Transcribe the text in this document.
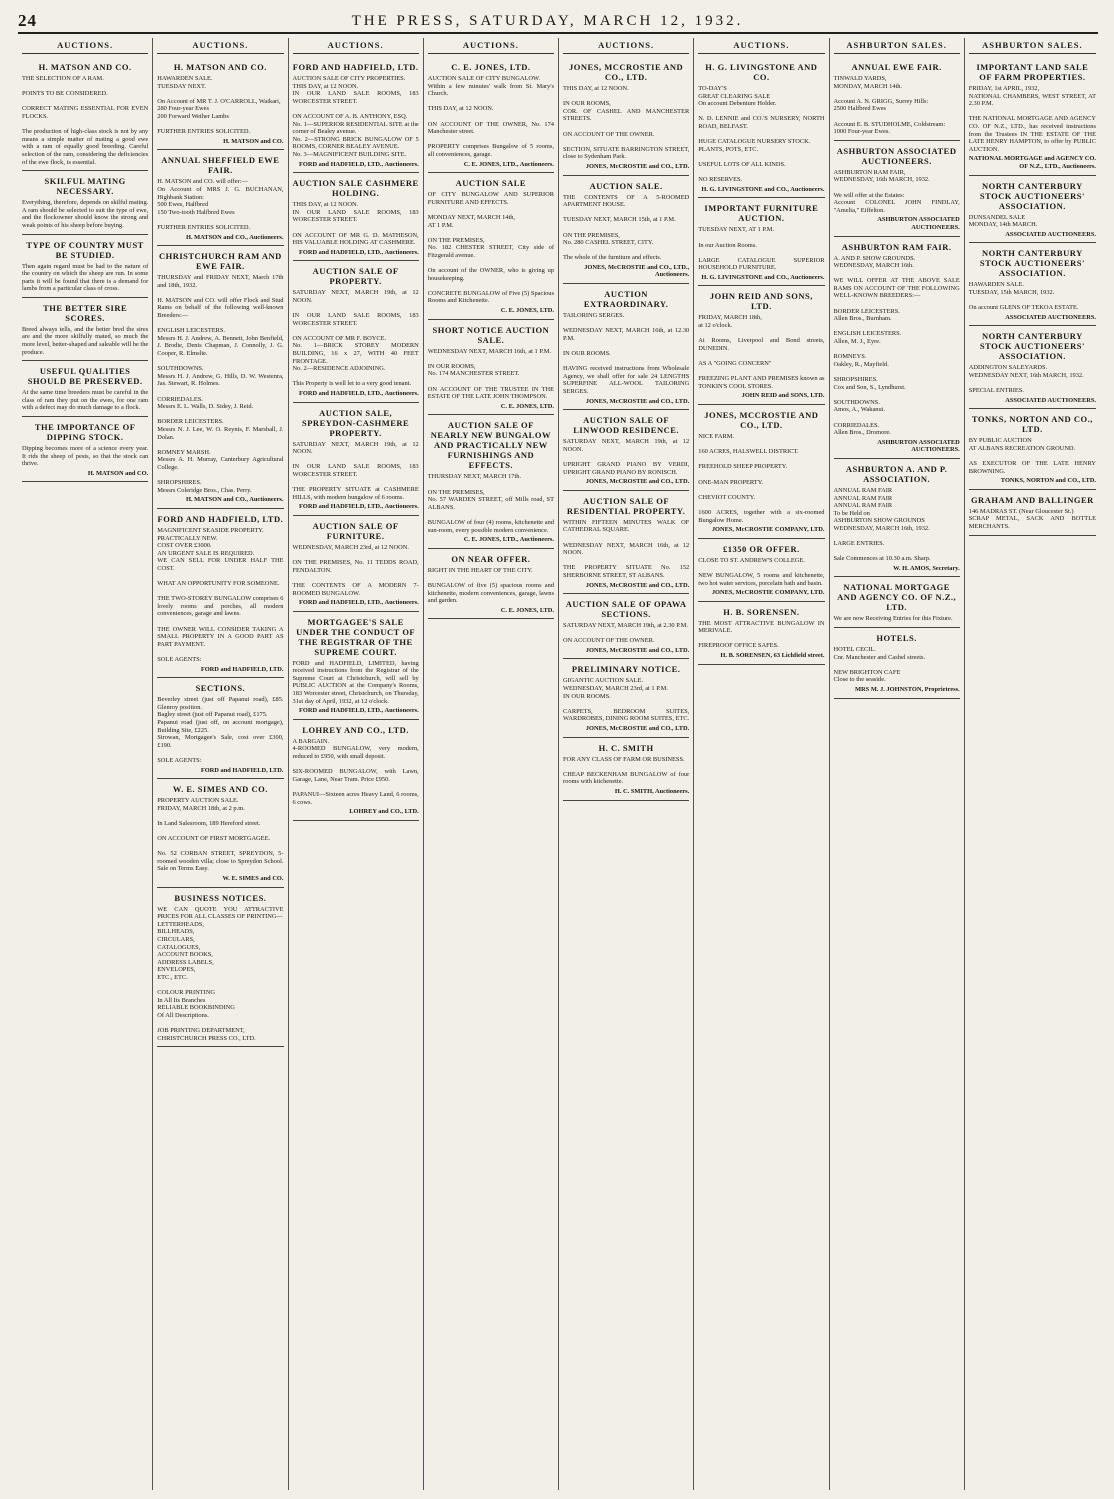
24	THE PRESS, SATURDAY, MARCH 12, 1932.
AUCTIONS.
H. MATSON AND CO.
THE SELECTION OF A RAM.

POINTS TO BE CONSIDERED.

CORRECT MATING ESSENTIAL FOR EVEN FLOCKS.

The production of high-class stock is not by any means a simple matter of mating a good ewe with a ram of equally good breeding. Careful selection of the ram, considering the deficiencies of the ewe flock, is essential.
SKILFUL MATING NECESSARY.
Everything, therefore, depends on skilful mating. A ram should be selected to suit the type of ewe, and the flockowner should know the strong and weak points of his sheep before buying.
TYPE OF COUNTRY MUST BE STUDIED.
Then again regard must be had to the nature of the country on which the sheep are run. In some parts it will be found that there is a demand for lambs from a particular class of cross.
THE BETTER SIRE SCORES.
Breed always tells, and the better bred the sires are and the more skilfully mated, so much the more level, better-shaped and saleable will be the produce.
USEFUL QUALITIES SHOULD BE PRESERVED.
At the same time breeders must be careful in the class of ram they put on the ewes, for one ram with a defect may do much damage to a flock.
THE IMPORTANCE OF DIPPING STOCK.
Dipping becomes more of a science every year. It rids the sheep of pests, so that the stock can thrive.
H. MATSON and CO.
AUCTIONS.
H. MATSON AND CO.
HAWARDEN SALE.
TUESDAY NEXT.

On Account of MR T. J. O'CARROLL, Waikari,
280 Four-year Ewes
200 Forward Wether Lambs

FURTHER ENTRIES SOLICITED.
H. MATSON and CO.
ANNUAL SHEFFIELD EWE FAIR.
H. MATSON and CO. will offer:—
On Account of MRS J. G. BUCHANAN, Highbank Station:
500 Ewes, Halfbred
150 Two-tooth Halfbred Ewes

FURTHER ENTRIES SOLICITED.
H. MATSON and CO., Auctioneers.
CHRISTCHURCH RAM AND EWE FAIR.
THURSDAY and FRIDAY NEXT, March 17th and 18th, 1932.

H. MATSON and CO. will offer Flock and Stud Rams on behalf of the following well-known Breeders:—

ENGLISH LEICESTERS.
Messrs H. J. Andrew, A. Bennett, John Benfield, J. Brodie, Denis Chapman, J. Connolly, J. G. Cooper, R. Elmslie.

SOUTHDOWNS.
Messrs H. J. Andrew, G. Hills, D. W. Westenra, Jas. Stewart, R. Holmes.

CORRIEDALES.
Messrs E. L. Walls, D. Sidey, J. Reid.

BORDER LEICESTERS.
Messrs N. J. Lee, W. O. Reynis, F. Marshall, J. Dolan.

ROMNEY MARSH.
Messrs A. H. Murray, Canterbury Agricultural College.

SHROPSHIRES.
Messrs Coleridge Bros., Chas. Perry.
H. MATSON and CO., Auctioneers.
FORD AND HADFIELD, LTD.
MAGNIFICENT SEASIDE PROPERTY.
PRACTICALLY NEW.
COST OVER £3000.
AN URGENT SALE IS REQUIRED.
WE CAN SELL FOR UNDER HALF THE COST.

WHAT AN OPPORTUNITY FOR SOMEONE.

THE TWO-STOREY BUNGALOW comprises 6 lovely rooms and porches, all modern conveniences, garage and lawns.

THE OWNER WILL CONSIDER TAKING A SMALL PROPERTY IN A GOOD PART AS PART PAYMENT.

SOLE AGENTS:
FORD and HADFIELD, LTD.
SECTIONS.
Beverley street (just off Papanui road), £85. Glenroy position.
Bagley street (just off Papanui road), £175.
Papanui road (just off, on account mortgage), Building Site, £225.
Strowan, Mortgagee's Sale, cost over £300, £190.

SOLE AGENTS:
FORD and HADFIELD, LTD.
W. E. SIMES AND CO.
PROPERTY AUCTION SALE.
FRIDAY, MARCH 18th, at 2 p.m.

In Land Salesroom, 189 Hereford street.

ON ACCOUNT OF FIRST MORTGAGEE.

No. 52 CORBAN STREET, SPREYDON, 5-roomed wooden villa; close to Spreydon School. Sale on Terms Easy.
W. E. SIMES and CO.
BUSINESS NOTICES.
WE CAN QUOTE YOU ATTRACTIVE PRICES FOR ALL CLASSES OF PRINTING—
LETTERHEADS,
BILLHEADS,
CIRCULARS,
CATALOGUES,
ACCOUNT BOOKS,
ADDRESS LABELS,
ENVELOPES,
ETC., ETC.

COLOUR PRINTING
In All Its Branches
RELIABLE BOOKBINDING
Of All Descriptions.

JOB PRINTING DEPARTMENT,
CHRISTCHURCH PRESS CO., LTD.
AUCTIONS.
FORD AND HADFIELD, LTD.
AUCTION SALE OF CITY PROPERTIES.
THIS DAY, at 12 NOON.
IN OUR LAND SALE ROOMS, 183 WORCESTER STREET.

ON ACCOUNT OF A. B. ANTHONY, ESQ.
No. 1—SUPERIOR RESIDENTIAL SITE at the corner of Bealey avenue.
No. 2—STRONG BRICK BUNGALOW OF 5 ROOMS, CORNER BEALEY AVENUE.
No. 3—MAGNIFICENT BUILDING SITE.
FORD and HADFIELD, LTD., Auctioneers.
AUCTION SALE CASHMERE HOLDING.
THIS DAY, at 12 NOON.
IN OUR LAND SALE ROOMS, 183 WORCESTER STREET.

ON ACCOUNT OF MR G. D. MATHESON, HIS VALUABLE HOLDING AT CASHMERE.
FORD and HADFIELD, LTD., Auctioneers.
AUCTION SALE OF PROPERTY.
SATURDAY NEXT, MARCH 19th, at 12 NOON.

IN OUR LAND SALE ROOMS, 183 WORCESTER STREET.

ON ACCOUNT OF MR F. BOYCE.
No. 1—BRICK STOREY MODERN BUILDING, 16 x 27, WITH 40 FEET FRONTAGE.
No. 2—RESIDENCE ADJOINING.

This Property is well let to a very good tenant.
FORD and HADFIELD, LTD., Auctioneers.
AUCTION SALE, SPREYDON-CASHMERE PROPERTY.
SATURDAY NEXT, MARCH 19th, at 12 NOON.

IN OUR LAND SALE ROOMS, 183 WORCESTER STREET.

THE PROPERTY SITUATE at CASHMERE HILLS, with modern bungalow of 6 rooms.
FORD and HADFIELD, LTD., Auctioneers.
AUCTION SALE OF FURNITURE.
WEDNESDAY, MARCH 23rd, at 12 NOON.

ON THE PREMISES, No. 11 TEDDS ROAD, FENDALTON.

THE CONTENTS OF A MODERN 7-ROOMED BUNGALOW.
FORD and HADFIELD, LTD., Auctioneers.
MORTGAGEE'S SALE UNDER THE CONDUCT OF THE REGISTRAR OF THE SUPREME COURT.
FORD and HADFIELD, LIMITED, having received instructions from the Registrar of the Supreme Court at Christchurch, will sell by PUBLIC AUCTION at the Company's Rooms, 183 Worcester street, Christchurch, on Thursday, 31st day of April, 1932, at 12 o'clock.
FORD and HADFIELD, LTD., Auctioneers.
LOHREY AND CO., LTD.
A BARGAIN.
4-ROOMED BUNGALOW, very modern, reduced to £950, with small deposit.

SIX-ROOMED BUNGALOW, with Lawn, Garage, Lane, Near Tram. Price £950.

PAPANUI—Sixteen acres Heavy Land, 6 rooms, 6 cows.
LOHREY and CO., LTD.
AUCTIONS.
C. E. JONES, LTD.
AUCTION SALE OF CITY BUNGALOW.
Within a few minutes' walk from St. Mary's Church.

THIS DAY, at 12 NOON.

ON ACCOUNT OF THE OWNER, No. 174 Manchester street.

PROPERTY comprises Bungalow of 5 rooms, all conveniences, garage.
C. E. JONES, LTD., Auctioneers.
AUCTION SALE
OF CITY BUNGALOW AND SUPERIOR FURNITURE AND EFFECTS.

MONDAY NEXT, MARCH 14th,
AT 1 P.M.

ON THE PREMISES,
No. 182 CHESTER STREET, City side of Fitzgerald avenue.

On account of the OWNER, who is giving up housekeeping.

CONCRETE BUNGALOW of Five (5) Spacious Rooms and Kitchenette.
C. E. JONES, LTD.
SHORT NOTICE AUCTION SALE.
WEDNESDAY NEXT, MARCH 16th, at 1 P.M.

IN OUR ROOMS,
No. 174 MANCHESTER STREET.

ON ACCOUNT OF THE TRUSTEE IN THE ESTATE OF THE LATE JOHN THOMPSON.
C. E. JONES, LTD.
AUCTION SALE OF NEARLY NEW BUNGALOW AND PRACTICALLY NEW FURNISHINGS AND EFFECTS.
THURSDAY NEXT, MARCH 17th.

ON THE PREMISES,
No. 57 WARDEN STREET, off Mills road, ST ALBANS.

BUNGALOW of four (4) rooms, kitchenette and sun-room, every possible modern convenience.
C. E. JONES, LTD., Auctioneers.
ON NEAR OFFER.
RIGHT IN THE HEART OF THE CITY.

BUNGALOW of five (5) spacious rooms and kitchenette, modern conveniences, garage, lawns and garden.
C. E. JONES, LTD.
AUCTIONS.
JONES, MCCROSTIE AND CO., LTD.
THIS DAY, at 12 NOON.

IN OUR ROOMS,
COR. OF CASHEL AND MANCHESTER STREETS.

ON ACCOUNT OF THE OWNER.

SECTION, SITUATE BARRINGTON STREET, close to Sydenham Park.
JONES, McCROSTIE and CO., LTD.
AUCTION SALE.
THE CONTENTS OF A 5-ROOMED APARTMENT HOUSE.

TUESDAY NEXT, MARCH 15th, at 1 P.M.

ON THE PREMISES,
No. 280 CASHEL STREET, CITY.

The whole of the furniture and effects.
JONES, McCROSTIE and CO., LTD., Auctioneers.
AUCTION EXTRAORDINARY.
TAILORING SERGES.

WEDNESDAY NEXT, MARCH 16th, at 12.30 P.M.

IN OUR ROOMS.

HAVING received instructions from Wholesale Agency, we shall offer for sale 24 LENGTHS SUPERFINE ALL-WOOL TAILORING SERGES.
JONES, McCROSTIE and CO., LTD.
AUCTION SALE OF LINWOOD RESIDENCE.
SATURDAY NEXT, MARCH 19th, at 12 NOON.

UPRIGHT GRAND PIANO BY VERDI, UPRIGHT GRAND PIANO BY RONISCH.
JONES, McCROSTIE and CO., LTD.
AUCTION SALE OF RESIDENTIAL PROPERTY.
WITHIN FIFTEEN MINUTES WALK OF CATHEDRAL SQUARE.

WEDNESDAY NEXT, MARCH 16th, at 12 NOON.

THE PROPERTY SITUATE No. 152 SHERBORNE STREET, ST ALBANS.
JONES, McCROSTIE and CO., LTD.
AUCTION SALE OF OPAWA SECTIONS.
SATURDAY NEXT, MARCH 19th, at 2.30 P.M.

ON ACCOUNT OF THE OWNER.
JONES, McCROSTIE and CO., LTD.
PRELIMINARY NOTICE.
GIGANTIC AUCTION SALE.
WEDNESDAY, MARCH 23rd, at 1 P.M.
IN OUR ROOMS.

CARPETS, BEDROOM SUITES, WARDROBES, DINING ROOM SUITES, ETC.
JONES, McCROSTIE and CO., LTD.
H. C. SMITH
FOR ANY CLASS OF FARM OR BUSINESS.

CHEAP BECKENHAM BUNGALOW of four rooms with kitchenette.
H. C. SMITH, Auctioneers.
AUCTIONS.
H. G. LIVINGSTONE AND CO.
TO-DAY'S
GREAT CLEARING SALE
On account Debenture Holder.

N. D. LENNIE and CO.'S NURSERY, NORTH ROAD, BELFAST.

HUGE CATALOGUE NURSERY STOCK.
PLANTS, POTS, ETC.

USEFUL LOTS OF ALL KINDS.

NO RESERVES.
H. G. LIVINGSTONE and CO., Auctioneers.
IMPORTANT FURNITURE AUCTION.
TUESDAY NEXT, AT 1 P.M.

In our Auction Rooms.

LARGE CATALOGUE SUPERIOR HOUSEHOLD FURNITURE.
H. G. LIVINGSTONE and CO., Auctioneers.
JOHN REID AND SONS, LTD.
FRIDAY, MARCH 18th,
at 12 o'clock.

At Rooms, Liverpool and Bond streets, DUNEDIN.

AS A "GOING CONCERN"

FREEZING PLANT AND PREMISES known as TONKIN'S COOL STORES.
JOHN REID and SONS, LTD.
JONES, MCCROSTIE AND CO., LTD.
NICE FARM.

160 ACRES, HALSWELL DISTRICT.

FREEHOLD SHEEP PROPERTY.

ONE-MAN PROPERTY.

CHEVIOT COUNTY.

1600 ACRES, together with a six-roomed Bungalow Home.
JONES, McCROSTIE COMPANY, LTD.
£1350 OR OFFER.
CLOSE TO ST. ANDREW'S COLLEGE.

NEW BUNGALOW, 5 rooms and kitchenette, two hot water services, porcelain bath and basin.
JONES, McCROSTIE COMPANY, LTD.
H. B. SORENSEN.
THE MOST ATTRACTIVE BUNGALOW IN MERIVALE.

FIREPROOF OFFICE SAFES.
H. B. SORENSEN, 63 Lichfield street.
ASHBURTON SALES.
ANNUAL EWE FAIR.
TINWALD YARDS,
MONDAY, MARCH 14th.

Account A. N. GRIGG, Surrey Hills:
2500 Halfbred Ewes

Account E. B. STUDHOLME, Coldstream:
1000 Four-year Ewes.
ASHBURTON ASSOCIATED AUCTIONEERS.
ASHBURTON RAM FAIR,
WEDNESDAY, 16th MARCH, 1932.

We will offer at the Estates:
Account COLONEL JOHN FINDLAY, "Amelia," Eiffelton.
ASHBURTON ASSOCIATED AUCTIONEERS.
ASHBURTON RAM FAIR.
A. AND P. SHOW GROUNDS.
WEDNESDAY, MARCH 16th.

WE WILL OFFER AT THE ABOVE SALE RAMS ON ACCOUNT OF THE FOLLOWING WELL-KNOWN BREEDERS:—

BORDER LEICESTERS.
Allen Bros., Burnham.

ENGLISH LEICESTERS.
Allen, M. J., Eyre.

ROMNEYS.
Oakley, R., Mayfield.

SHROPSHIRES.
Cox and Son, S., Lyndhurst.

SOUTHDOWNS.
Amos, A., Wakanui.

CORRIEDALES.
Allen Bros., Dromore.
ASHBURTON ASSOCIATED AUCTIONEERS.
ASHBURTON A. AND P. ASSOCIATION.
ANNUAL RAM FAIR
ANNUAL RAM FAIR
ANNUAL RAM FAIR
To be Held on
ASHBURTON SHOW GROUNDS
WEDNESDAY, MARCH 16th, 1932.

LARGE ENTRIES.

Sale Commences at 10.30 a.m. Sharp.
W. H. AMOS, Secretary.
NATIONAL MORTGAGE AND AGENCY CO. OF N.Z., LTD.
We are now Receiving Entries for this Fixture.
HOTELS.
HOTEL CECIL.
Cnr. Manchester and Cashel streets.

NEW BRIGHTON CAFE
Close to the seaside.
MRS M. J. JOHNSTON, Proprietress.
ASHBURTON SALES.
IMPORTANT LAND SALE OF FARM PROPERTIES.
FRIDAY, 1st APRIL, 1932,
NATIONAL CHAMBERS, WEST STREET, AT 2.30 P.M.

THE NATIONAL MORTGAGE AND AGENCY CO. OF N.Z., LTD., has received instructions from the Trustees IN THE ESTATE OF THE LATE HENRY HAMPTON, to offer by PUBLIC AUCTION.
NATIONAL MORTGAGE and AGENCY CO. OF N.Z., LTD., Auctioneers.
NORTH CANTERBURY STOCK AUCTIONEERS' ASSOCIATION.
DUNSANDEL SALE
MONDAY, 14th MARCH.
ASSOCIATED AUCTIONEERS.
NORTH CANTERBURY STOCK AUCTIONEERS' ASSOCIATION.
HAWARDEN SALE.
TUESDAY, 15th MARCH, 1932.

On account GLENS OF TEKOA ESTATE.
ASSOCIATED AUCTIONEERS.
NORTH CANTERBURY STOCK AUCTIONEERS' ASSOCIATION.
ADDINGTON SALEYARDS.
WEDNESDAY NEXT, 16th MARCH, 1932.

SPECIAL ENTRIES.
ASSOCIATED AUCTIONEERS.
TONKS, NORTON AND CO., LTD.
BY PUBLIC AUCTION
AT ALBANS RECREATION GROUND.

AS EXECUTOR OF THE LATE HENRY BROWNING.
TONKS, NORTON and CO., LTD.
GRAHAM AND BALLINGER
146 MADRAS ST. (Near Gloucester St.)
SCRAP METAL, SACK AND BOTTLE MERCHANTS.
